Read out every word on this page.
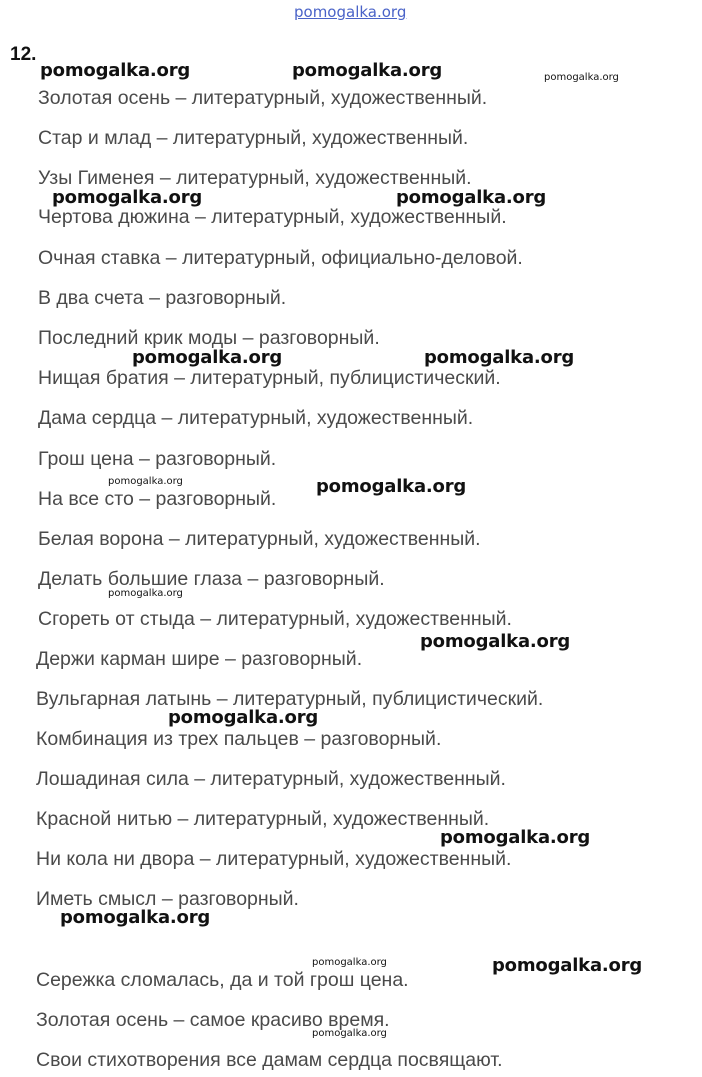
pomogalka.org
12.
Золотая осень – литературный, художественный.
Стар и млад – литературный, художественный.
Узы Гименея – литературный, художественный.
Чертова дюжина – литературный, художественный.
Очная ставка – литературный, официально-деловой.
В два счета – разговорный.
Последний крик моды – разговорный.
Нищая братия – литературный, публицистический.
Дама сердца – литературный, художественный.
Грош цена – разговорный.
На все сто – разговорный.
Белая ворона – литературный, художественный.
Делать большие глаза – разговорный.
Сгореть от стыда – литературный, художественный.
Держи карман шире – разговорный.
Вульгарная латынь – литературный, публицистический.
Комбинация из трех пальцев – разговорный.
Лошадиная сила – литературный, художественный.
Красной нитью – литературный, художественный.
Ни кола ни двора – литературный, художественный.
Иметь смысл – разговорный.
Сережка сломалась, да и той грош цена.
Золотая осень – самое красиво время.
Свои стихотворения все дамам сердца посвящают.
pomogalka.org	pomogalka.org	pomogalka.org
pomogalka.org	pomogalka.org
pomogalka.org	pomogalka.org
pomogalka.org	pomogalka.org
pomogalka.org
pomogalka.org
pomogalka.org
pomogalka.org
pomogalka.org
pomogalka.org	pomogalka.org
pomogalka.org
